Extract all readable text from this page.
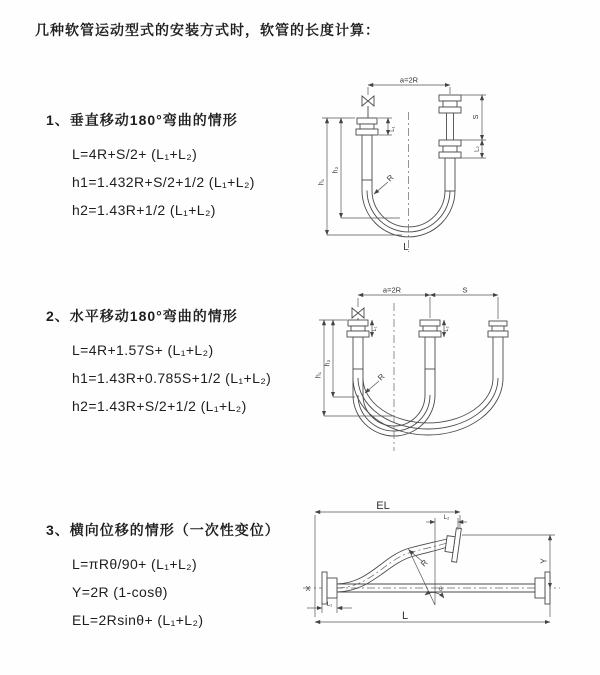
几种软管运动型式的安装方式时，软管的长度计算：

1、垂直移动180°弯曲的情形

L=4R+S/2+ (L₁+L₂)

h1=1.432R+S/2+1/2 (L₁+L₂)

h2=1.43R+1/2 (L₁+L₂)

2、水平移动180°弯曲的情形

L=4R+1.57S+ (L₁+L₂)

h1=1.43R+0.785S+1/2 (L₁+L₂)

h2=1.43R+S/2+1/2 (L₁+L₂)

3、横向位移的情形（一次性变位）

L=πRθ/90+ (L₁+L₂)

Y=2R (1-cosθ)

EL=2Rsinθ+ (L₁+L₂)

a=2R
L₁
S
L₂
h₁
h₂
R
L
a=2R	S
L₁	L₂
h₁
h₂
R
EL
L₂
θ
R	Y
L
L₁
X
